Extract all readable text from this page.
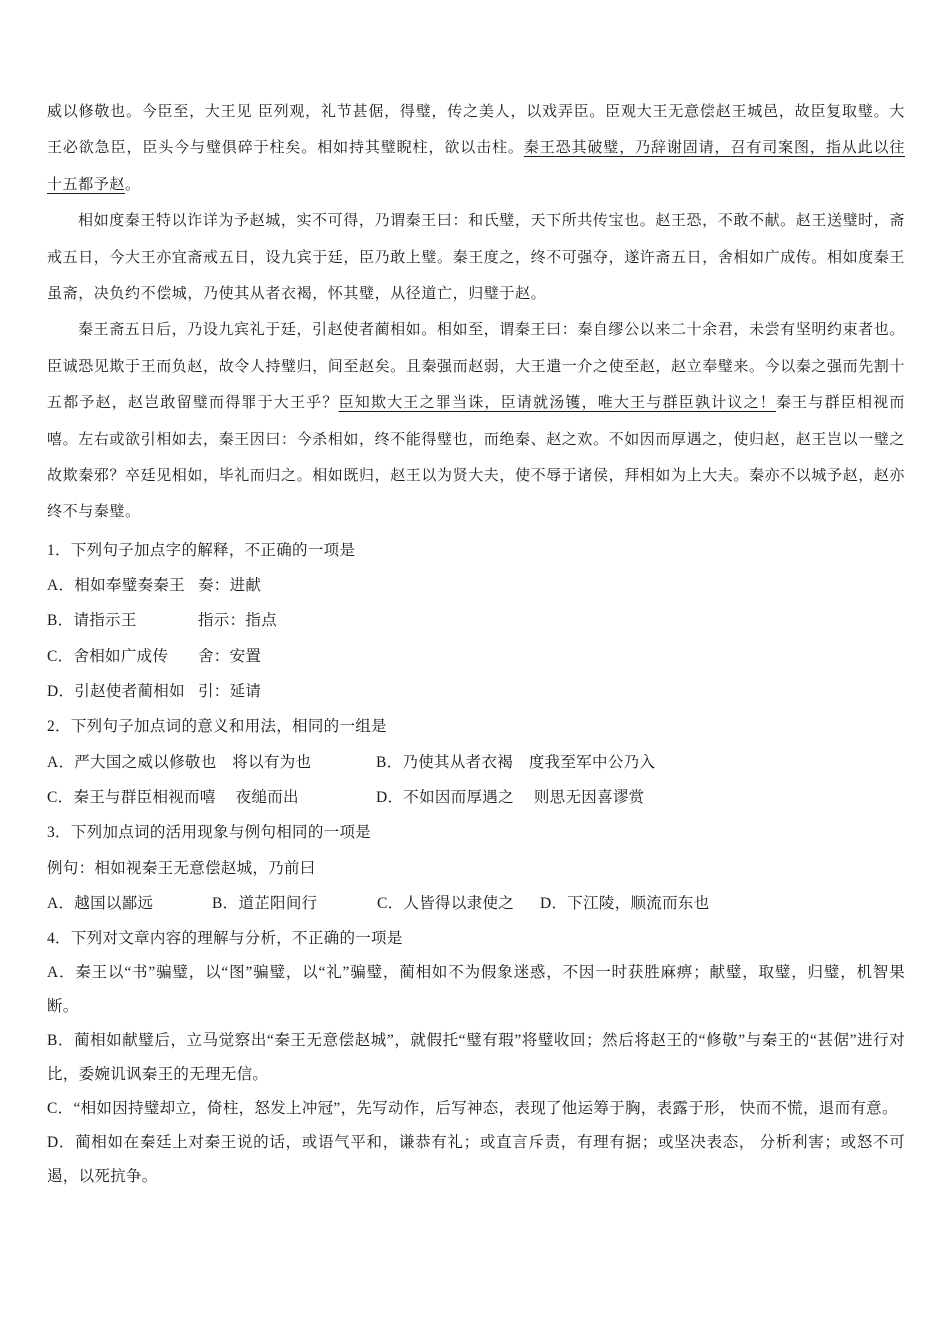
威以修敬也。今臣至，大王见 臣列观，礼节甚倨，得璧，传之美人，以戏弄臣。臣观大王无意偿赵王城邑，故臣复取璧。大王必欲急臣，臣头今与璧俱碎于柱矣。相如持其璧睨柱，欲以击柱。秦王恐其破璧，乃辞谢固请，召有司案图，指从此以往十五都予赵。

相如度秦王特以诈详为予赵城，实不可得，乃谓秦王曰：和氏璧，天下所共传宝也。赵王恐，不敢不献。赵王送璧时，斋戒五日，今大王亦宜斋戒五日，设九宾于廷，臣乃敢上璧。秦王度之，终不可强夺，遂许斋五日，舍相如广成传。相如度秦王虽斋，决负约不偿城，乃使其从者衣褐，怀其璧，从径道亡，归璧于赵。

秦王斋五日后，乃设九宾礼于廷，引赵使者蔺相如。相如至，谓秦王曰：秦自缪公以来二十余君，未尝有坚明约束者也。臣诚恐见欺于王而负赵，故令人持璧归，间至赵矣。且秦强而赵弱，大王遣一介之使至赵，赵立奉璧来。今以秦之强而先割十五都予赵，赵岂敢留璧而得罪于大王乎？臣知欺大王之罪当诛，臣请就汤镬，唯大王与群臣孰计议之！秦王与群臣相视而嘻。左右或欲引相如去，秦王因曰：今杀相如，终不能得璧也，而绝秦、赵之欢。不如因而厚遇之，使归赵，赵王岂以一璧之故欺秦邪？卒廷见相如，毕礼而归之。相如既归，赵王以为贤大夫，使不辱于诸侯，拜相如为上大夫。秦亦不以城予赵，赵亦终不与秦璧。

1．下列句子加点字的解释，不正确的一项是

A．相如奉璧奏秦王 奏：进献

B．请指示王	指示：指点

C．舍相如广成传 舍：安置

D．引赵使者蔺相如 引：延请

2．下列句子加点词的意义和用法，相同的一组是

A．严大国之威以修敬也　将以有为也	B．乃使其从者衣褐　度我至军中公乃入

C．秦王与群臣相视而嘻　 夜缒而出	D．不如因而厚遇之　 则思无因喜谬赏

3．下列加点词的活用现象与例句相同的一项是

例句：相如视秦王无意偿赵城，乃前曰

A．越国以鄙远	B．道芷阳间行	C．人皆得以隶使之 D．下江陵，顺流而东也

4．下列对文章内容的理解与分析，不正确的一项是

A．秦王以“书”骗璧，以“图”骗璧，以“礼”骗璧，蔺相如不为假象迷惑，不因一时获胜麻痹；献璧，取璧，归璧，机智果断。

B．蔺相如献璧后，立马觉察出“秦王无意偿赵城”，就假托“璧有瑕”将璧收回；然后将赵王的“修敬”与秦王的“甚倨”进行对比，委婉讥讽秦王的无理无信。

C．“相如因持璧却立，倚柱，怒发上冲冠”，先写动作，后写神态，表现了他运筹于胸，表露于形， 快而不慌，退而有意。

D．蔺相如在秦廷上对秦王说的话，或语气平和，谦恭有礼；或直言斥责，有理有据；或坚决表态， 分析利害；或怒不可遏，以死抗争。
